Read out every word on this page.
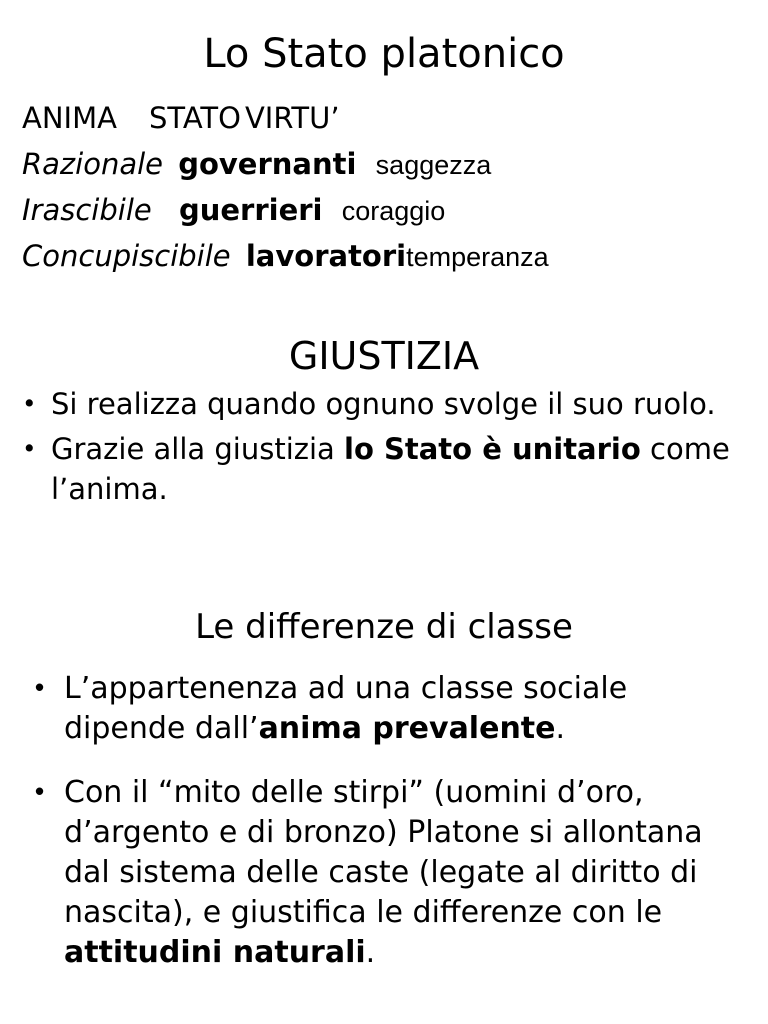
Lo Stato platonico
ANIMA STATO VIRTU’
Razionale governanti saggezza
Irascibile guerrieri coraggio
Concupiscibile lavoratoritemperanza
GIUSTIZIA
• Si realizza quando ognuno svolge il suo ruolo.
• Grazie alla giustizia lo Stato è unitario come l’anima.
Le differenze di classe
• L’appartenenza ad una classe sociale dipende dall’anima prevalente.
• Con il “mito delle stirpi” (uomini d’oro, d’argento e di bronzo) Platone si allontana dal sistema delle caste (legate al diritto di nascita), e giustifica le differenze con le attitudini naturali.
